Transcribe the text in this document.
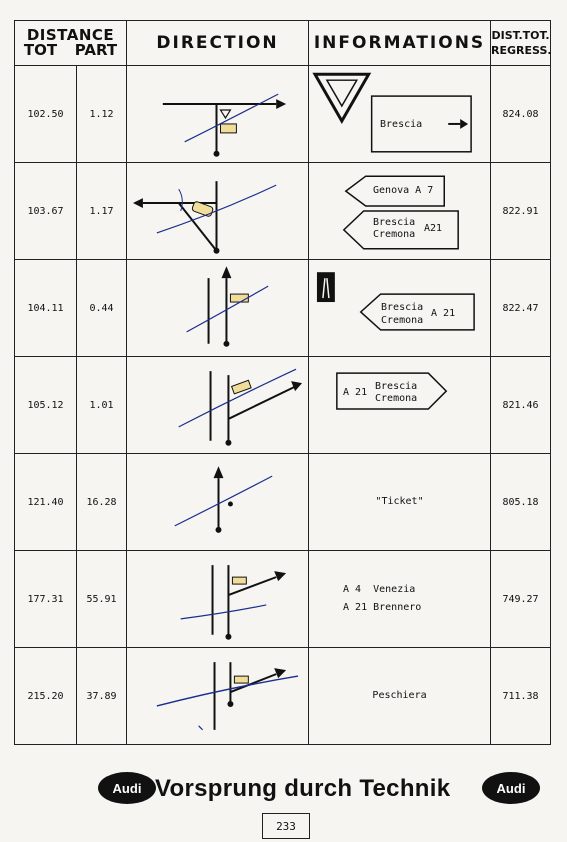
DISTANCE
TOT PART		DIRECTION	INFORMATIONS	DIST.TOT.
REGRESS.
102.50	1.12		Brescia	824.08
103.67	1.17		Genova A 7
Brescia
Cremona
A21	822.91
104.11	0.44		Brescia
Cremona
A 21	822.47
105.12	1.01		A 21
Brescia
Cremona	821.46
121.40	16.28		"Ticket"	805.18
177.31	55.91		A 4  Venezia
A 21 Brennero	749.27
215.20	37.89		Peschiera	711.38
Audi Vorsprung durch Technik	Audi
233
